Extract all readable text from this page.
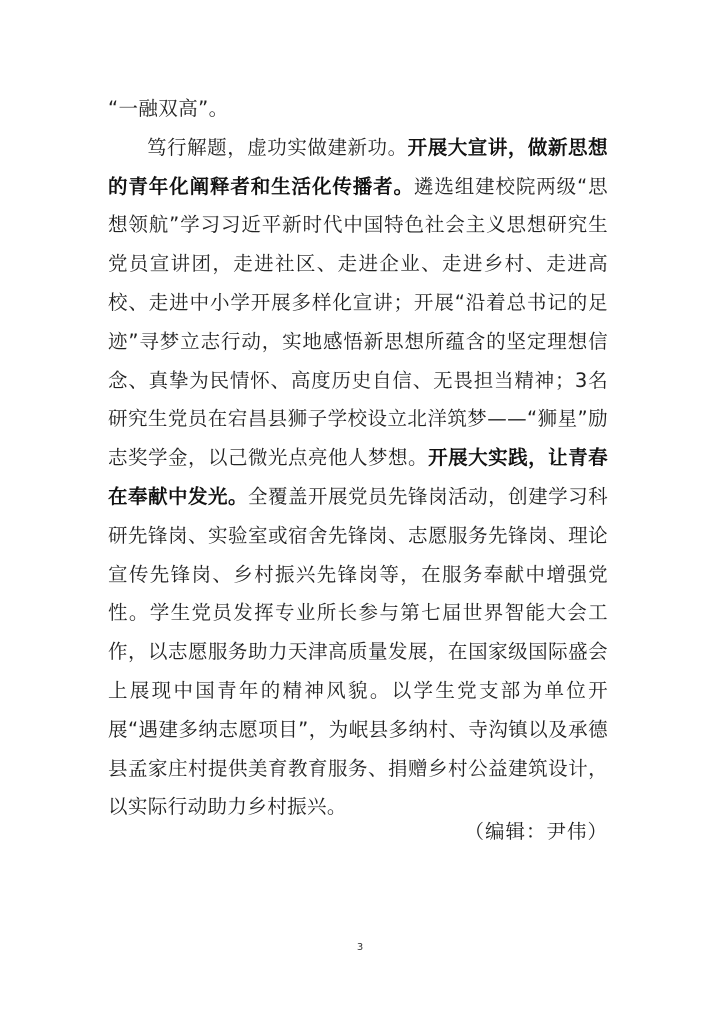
“一融双高”。

笃行解题，虚功实做建新功。开展大宣讲，做新思想的青年化阐释者和生活化传播者。遴选组建校院两级“思想领航”学习习近平新时代中国特色社会主义思想研究生党员宣讲团，走进社区、走进企业、走进乡村、走进高校、走进中小学开展多样化宣讲；开展“沿着总书记的足迹”寻梦立志行动，实地感悟新思想所蕴含的坚定理想信念、真挚为民情怀、高度历史自信、无畏担当精神；3名研究生党员在宕昌县狮子学校设立北洋筑梦——“狮星”励志奖学金，以己微光点亮他人梦想。开展大实践，让青春在奉献中发光。全覆盖开展党员先锋岗活动，创建学习科研先锋岗、实验室或宿舍先锋岗、志愿服务先锋岗、理论宣传先锋岗、乡村振兴先锋岗等，在服务奉献中增强党性。学生党员发挥专业所长参与第七届世界智能大会工作，以志愿服务助力天津高质量发展，在国家级国际盛会上展现中国青年的精神风貌。以学生党支部为单位开展“遇建多纳志愿项目”，为岷县多纳村、寺沟镇以及承德县孟家庄村提供美育教育服务、捐赠乡村公益建筑设计，以实际行动助力乡村振兴。

（编辑：尹伟）
3
